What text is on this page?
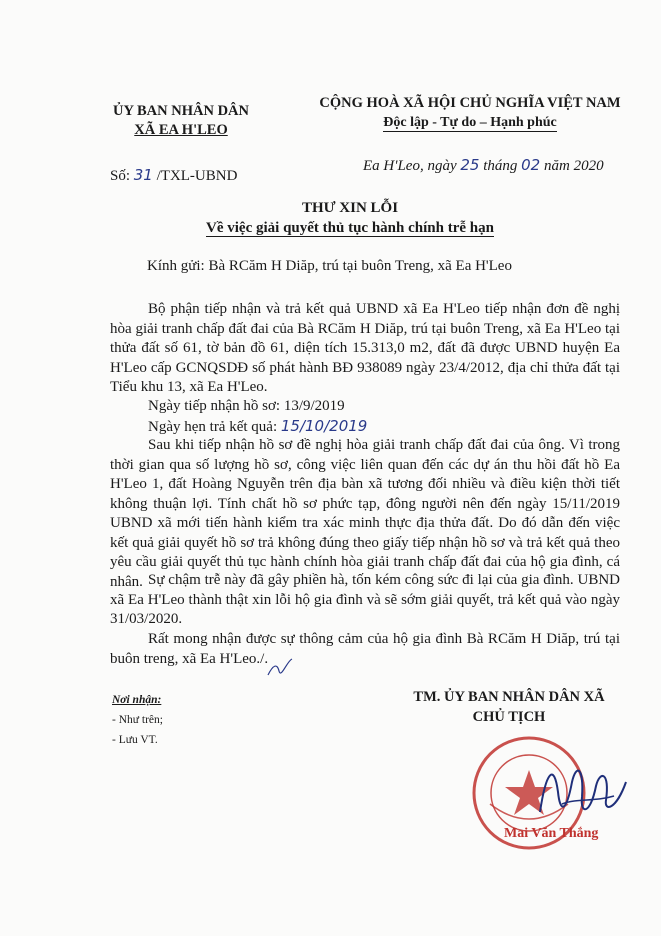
ỦY BAN NHÂN DÂN
XÃ EA H'LEO
CỘNG HOÀ XÃ HỘI CHỦ NGHĨA VIỆT NAM
Độc lập - Tự do – Hạnh phúc
Số: 31 /TXL-UBND
Ea H'Leo, ngày 25 tháng 02 năm 2020
THƯ XIN LỖI
Về việc giải quyết thủ tục hành chính trễ hạn
Kính gửi: Bà RCăm H Diăp, trú tại buôn Treng, xã Ea H'Leo
Bộ phận tiếp nhận và trả kết quả UBND xã Ea H'Leo tiếp nhận đơn đề nghị hòa giải tranh chấp đất đai của Bà RCăm H Diăp, trú tại buôn Treng, xã Ea H'Leo tại thửa đất số 61, tờ bản đồ 61, diện tích 15.313,0 m2, đất đã được UBND huyện Ea H'Leo cấp GCNQSDĐ số phát hành BĐ 938089 ngày 23/4/2012, địa chỉ thửa đất tại Tiểu khu 13, xã Ea H'Leo.
Ngày tiếp nhận hồ sơ: 13/9/2019
Ngày hẹn trả kết quả: 15/10/2019
Sau khi tiếp nhận hồ sơ đề nghị hòa giải tranh chấp đất đai của ông. Vì trong thời gian qua số lượng hồ sơ, công việc liên quan đến các dự án thu hồi đất hồ Ea H'Leo 1, đất Hoàng Nguyễn trên địa bàn xã tương đối nhiều và điều kiện thời tiết không thuận lợi. Tính chất hồ sơ phức tạp, đông người nên đến ngày 15/11/2019 UBND xã mới tiến hành kiểm tra xác minh thực địa thửa đất. Do đó dẫn đến việc kết quả giải quyết hồ sơ trả không đúng theo giấy tiếp nhận hồ sơ và trả kết quả theo yêu cầu giải quyết thủ tục hành chính hòa giải tranh chấp đất đai của hộ gia đình, cá nhân. Sự chậm trễ này đã gây phiền hà, tốn kém công sức đi lại của gia đình. UBND xã Ea H'Leo thành thật xin lỗi hộ gia đình và sẽ sớm giải quyết, trả kết quả vào ngày 31/03/2020.
Rất mong nhận được sự thông cảm của hộ gia đình Bà RCăm H Diăp, trú tại buôn treng, xã Ea H'Leo./.
Nơi nhận:
- Như trên;
- Lưu VT.
TM. ỦY BAN NHÂN DÂN XÃ
CHỦ TỊCH
Mai Văn Thắng
